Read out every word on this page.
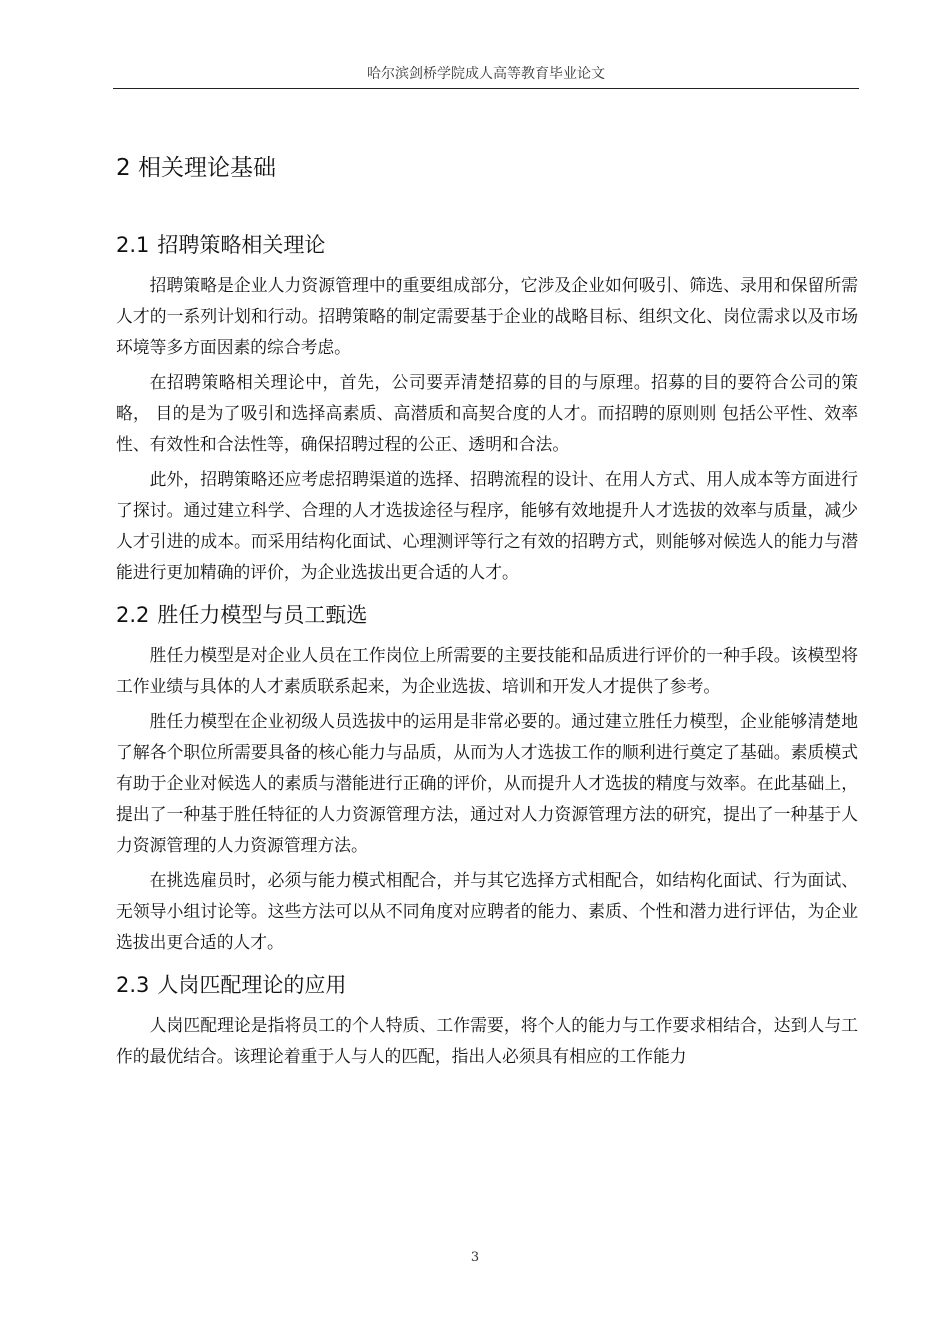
哈尔滨剑桥学院成人高等教育毕业论文
2 相关理论基础
2.1 招聘策略相关理论

招聘策略是企业人力资源管理中的重要组成部分，它涉及企业如何吸引、筛选、录用和保留所需人才的一系列计划和行动。招聘策略的制定需要基于企业的战略目标、组织文化、岗位需求以及市场环境等多方面因素的综合考虑。

在招聘策略相关理论中，首先，公司要弄清楚招募的目的与原理。招募的目的要符合公司的策略， 目的是为了吸引和选择高素质、高潜质和高契合度的人才。而招聘的原则则 包括公平性、效率性、有效性和合法性等，确保招聘过程的公正、透明和合法。

此外，招聘策略还应考虑招聘渠道的选择、招聘流程的设计、在用人方式、用人成本等方面进行了探讨。通过建立科学、合理的人才选拔途径与程序，能够有效地提升人才选拔的效率与质量，减少人才引进的成本。而采用结构化面试、心理测评等行之有效的招聘方式，则能够对候选人的能力与潜能进行更加精确的评价，为企业选拔出更合适的人才。

2.2 胜任力模型与员工甄选

胜任力模型是对企业人员在工作岗位上所需要的主要技能和品质进行评价的一种手段。该模型将工作业绩与具体的人才素质联系起来，为企业选拔、培训和开发人才提供了参考。

胜任力模型在企业初级人员选拔中的运用是非常必要的。通过建立胜任力模型，企业能够清楚地了解各个职位所需要具备的核心能力与品质，从而为人才选拔工作的顺利进行奠定了基础。素质模式有助于企业对候选人的素质与潜能进行正确的评价，从而提升人才选拔的精度与效率。在此基础上，提出了一种基于胜任特征的人力资源管理方法，通过对人力资源管理方法的研究，提出了一种基于人力资源管理的人力资源管理方法。

在挑选雇员时，必须与能力模式相配合，并与其它选择方式相配合，如结构化面试、行为面试、无领导小组讨论等。这些方法可以从不同角度对应聘者的能力、素质、个性和潜力进行评估，为企业选拔出更合适的人才。

2.3 人岗匹配理论的应用

人岗匹配理论是指将员工的个人特质、工作需要，将个人的能力与工作要求相结合，达到人与工作的最优结合。该理论着重于人与人的匹配，指出人必须具有相应的工作能力

3
